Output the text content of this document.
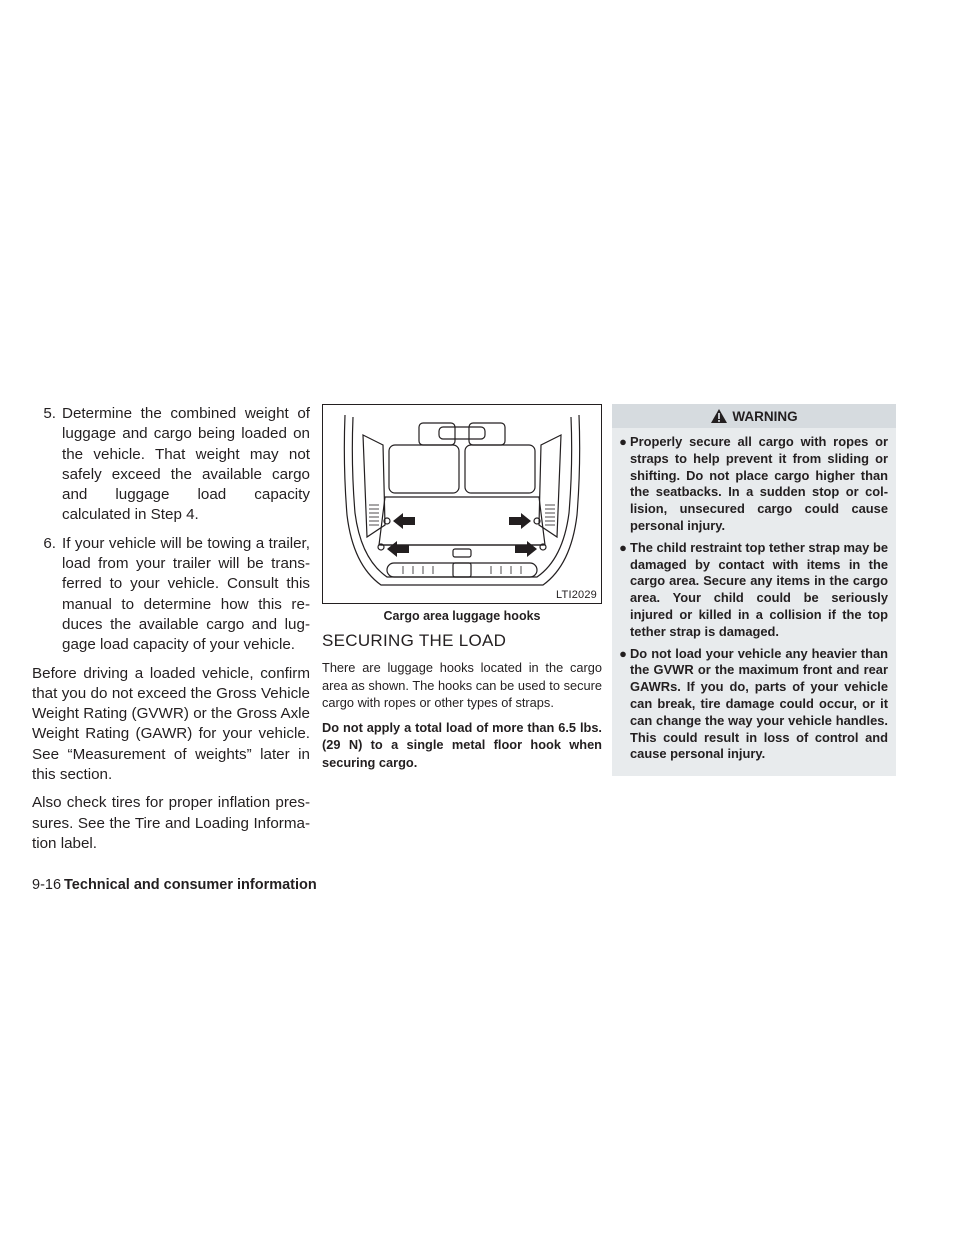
5. Determine the combined weight of luggage and cargo being loaded on the vehicle. That weight may not safely exceed the available cargo and luggage load capacity calculated in Step 4.
6. If your vehicle will be towing a trailer, load from your trailer will be transferred to your vehicle. Consult this manual to determine how this reduces the available cargo and luggage load capacity of your vehicle.

Before driving a loaded vehicle, confirm that you do not exceed the Gross Vehicle Weight Rating (GVWR) or the Gross Axle Weight Rating (GAWR) for your vehicle. See “Measurement of weights” later in this section.

Also check tires for proper inflation pressures. See the Tire and Loading Information label.

LTI2029
Cargo area luggage hooks
SECURING THE LOAD

There are luggage hooks located in the cargo area as shown. The hooks can be used to secure cargo with ropes or other types of straps.

Do not apply a total load of more than 6.5 lbs. (29 N) to a single metal floor hook when securing cargo.

WARNING
● Properly secure all cargo with ropes or straps to help prevent it from sliding or shifting. Do not place cargo higher than the seatbacks. In a sudden stop or collision, unsecured cargo could cause personal injury.
● The child restraint top tether strap may be damaged by contact with items in the cargo area. Secure any items in the cargo area. Your child could be seriously injured or killed in a collision if the top tether strap is damaged.
● Do not load your vehicle any heavier than the GVWR or the maximum front and rear GAWRs. If you do, parts of your vehicle can break, tire damage could occur, or it can change the way your vehicle handles. This could result in loss of control and cause personal injury.
9-16 Technical and consumer information
